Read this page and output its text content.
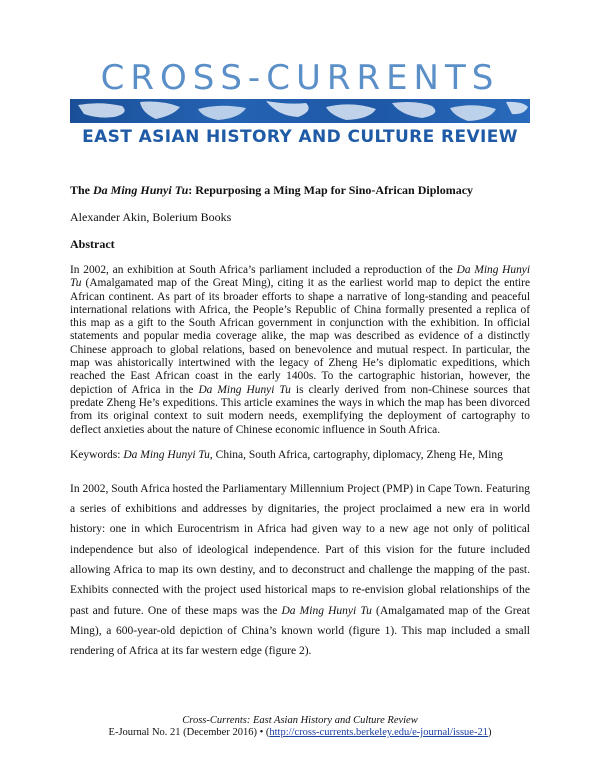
CROSS-CURRENTS
EAST ASIAN HISTORY AND CULTURE REVIEW
The Da Ming Hunyi Tu: Repurposing a Ming Map for Sino-African Diplomacy
Alexander Akin, Bolerium Books
Abstract
In 2002, an exhibition at South Africa’s parliament included a reproduction of the Da Ming Hunyi Tu (Amalgamated map of the Great Ming), citing it as the earliest world map to depict the entire African continent. As part of its broader efforts to shape a narrative of long-standing and peaceful international relations with Africa, the People’s Republic of China formally presented a replica of this map as a gift to the South African government in conjunction with the exhibition. In official statements and popular media coverage alike, the map was described as evidence of a distinctly Chinese approach to global relations, based on benevolence and mutual respect. In particular, the map was ahistorically intertwined with the legacy of Zheng He’s diplomatic expeditions, which reached the East African coast in the early 1400s. To the cartographic historian, however, the depiction of Africa in the Da Ming Hunyi Tu is clearly derived from non-Chinese sources that predate Zheng He’s expeditions. This article examines the ways in which the map has been divorced from its original context to suit modern needs, exemplifying the deployment of cartography to deflect anxieties about the nature of Chinese economic influence in South Africa.
Keywords: Da Ming Hunyi Tu, China, South Africa, cartography, diplomacy, Zheng He, Ming
In 2002, South Africa hosted the Parliamentary Millennium Project (PMP) in Cape Town. Featuring a series of exhibitions and addresses by dignitaries, the project proclaimed a new era in world history: one in which Eurocentrism in Africa had given way to a new age not only of political independence but also of ideological independence. Part of this vision for the future included allowing Africa to map its own destiny, and to deconstruct and challenge the mapping of the past. Exhibits connected with the project used historical maps to re-envision global relationships of the past and future. One of these maps was the Da Ming Hunyi Tu (Amalgamated map of the Great Ming), a 600-year-old depiction of China’s known world (figure 1). This map included a small rendering of Africa at its far western edge (figure 2).
Cross-Currents: East Asian History and Culture Review
E-Journal No. 21 (December 2016) • (http://cross-currents.berkeley.edu/e-journal/issue-21)
